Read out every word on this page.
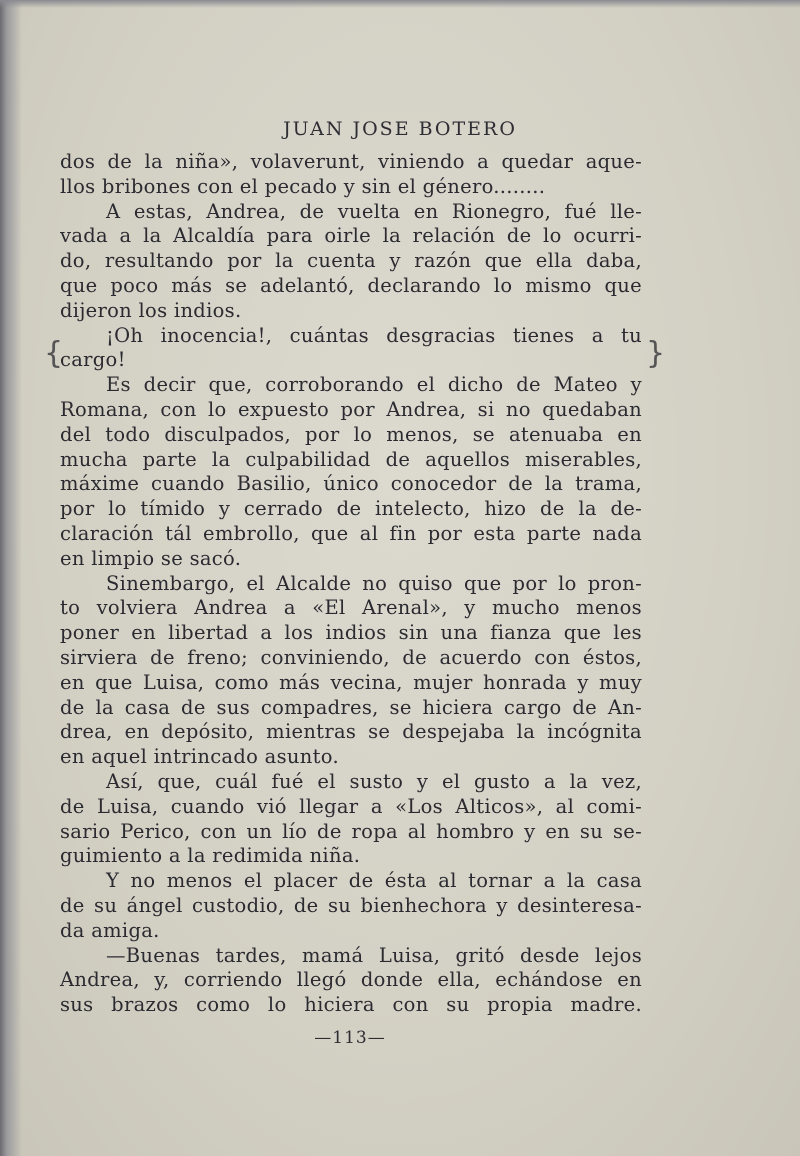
JUAN JOSE BOTERO
{	}
dos de la niña», volaverunt, viniendo a quedar aque-
llos bribones con el pecado y sin el género........
A estas, Andrea, de vuelta en Rionegro, fué lle-
vada a la Alcaldía para oirle la relación de lo ocurri-
do, resultando por la cuenta y razón que ella daba,
que poco más se adelantó, declarando lo mismo que
dijeron los indios.
¡Oh inocencia!, cuántas desgracias tienes a tu
cargo!
Es decir que, corroborando el dicho de Mateo y
Romana, con lo expuesto por Andrea, si no quedaban
del todo disculpados, por lo menos, se atenuaba en
mucha parte la culpabilidad de aquellos miserables,
máxime cuando Basilio, único conocedor de la trama,
por lo tímido y cerrado de intelecto, hizo de la de-
claración tál embrollo, que al fin por esta parte nada
en limpio se sacó.
Sinembargo, el Alcalde no quiso que por lo pron-
to volviera Andrea a «El Arenal», y mucho menos
poner en libertad a los indios sin una fianza que les
sirviera de freno; conviniendo, de acuerdo con éstos,
en que Luisa, como más vecina, mujer honrada y muy
de la casa de sus compadres, se hiciera cargo de An-
drea, en depósito, mientras se despejaba la incógnita
en aquel intrincado asunto.
Así, que, cuál fué el susto y el gusto a la vez,
de Luisa, cuando vió llegar a «Los Alticos», al comi-
sario Perico, con un lío de ropa al hombro y en su se-
guimiento a la redimida niña.
Y no menos el placer de ésta al tornar a la casa
de su ángel custodio, de su bienhechora y desinteresa-
da amiga.
—Buenas tardes, mamá Luisa, gritó desde lejos
Andrea, y, corriendo llegó donde ella, echándose en
sus brazos como lo hiciera con su propia madre.
—113—
